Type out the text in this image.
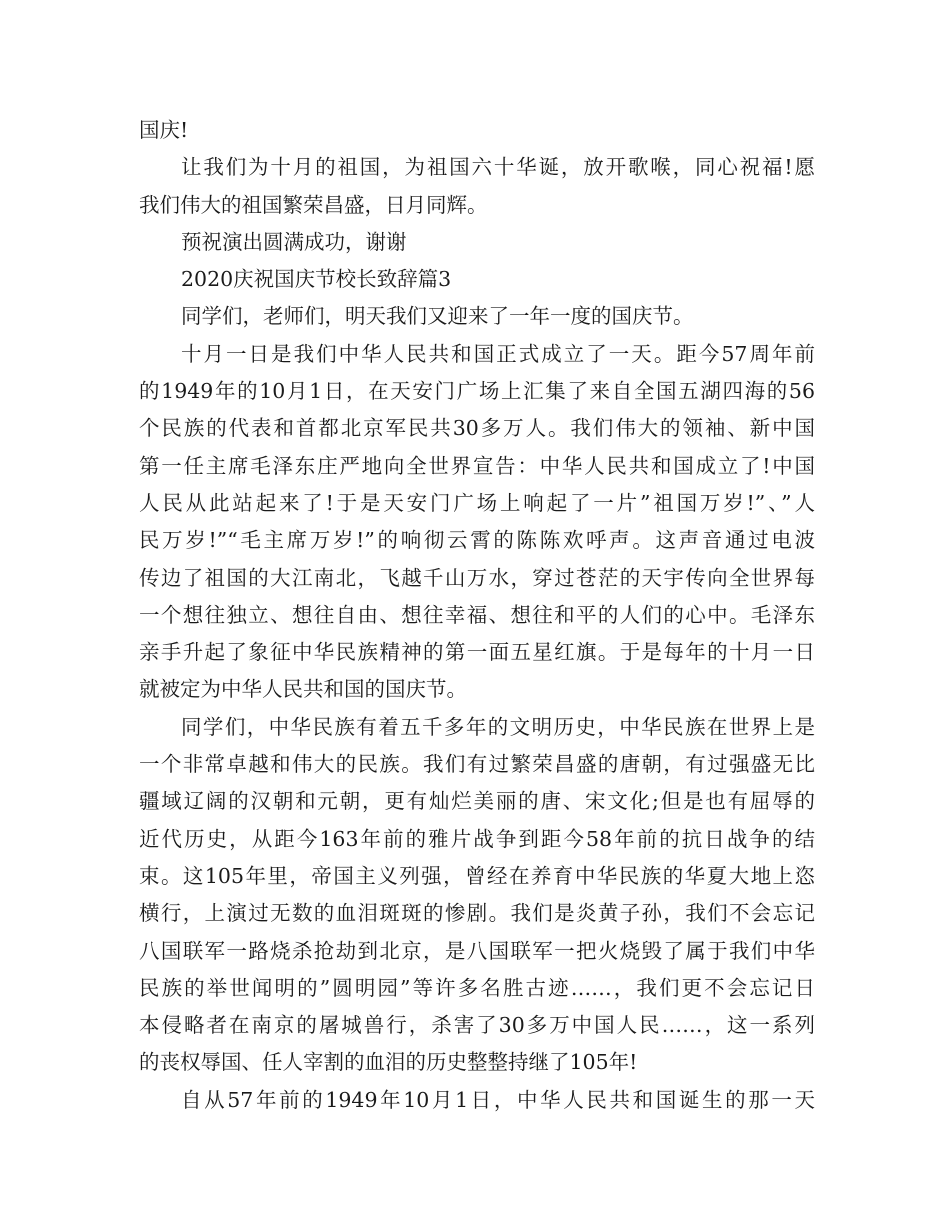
国庆!
让我们为十月的祖国，为祖国六十华诞，放开歌喉，同心祝福!愿
我们伟大的祖国繁荣昌盛，日月同辉。
预祝演出圆满成功，谢谢
2020庆祝国庆节校长致辞篇3
同学们，老师们，明天我们又迎来了一年一度的国庆节。
十月一日是我们中华人民共和国正式成立了一天。距今57周年前
的1949年的10月1日，在天安门广场上汇集了来自全国五湖四海的56
个民族的代表和首都北京军民共30多万人。我们伟大的领袖、新中国
第一任主席毛泽东庄严地向全世界宣告：中华人民共和国成立了!中国
人民从此站起来了!于是天安门广场上响起了一片”祖国万岁!”、”人
民万岁!”“毛主席万岁!”的响彻云霄的陈陈欢呼声。这声音通过电波
传边了祖国的大江南北，飞越千山万水，穿过苍茫的天宇传向全世界每
一个想往独立、想往自由、想往幸福、想往和平的人们的心中。毛泽东
亲手升起了象征中华民族精神的第一面五星红旗。于是每年的十月一日
就被定为中华人民共和国的国庆节。
同学们，中华民族有着五千多年的文明历史，中华民族在世界上是
一个非常卓越和伟大的民族。我们有过繁荣昌盛的唐朝，有过强盛无比
疆域辽阔的汉朝和元朝，更有灿烂美丽的唐、宋文化;但是也有屈辱的
近代历史，从距今163年前的雅片战争到距今58年前的抗日战争的结
束。这105年里，帝国主义列强，曾经在养育中华民族的华夏大地上恣
横行，上演过无数的血泪斑斑的惨剧。我们是炎黄子孙，我们不会忘记
八国联军一路烧杀抢劫到北京，是八国联军一把火烧毁了属于我们中华
民族的举世闻明的”圆明园”等许多名胜古迹……，我们更不会忘记日
本侵略者在南京的屠城兽行，杀害了30多万中国人民……，这一系列
的丧权辱国、任人宰割的血泪的历史整整持继了105年!
自从57年前的1949年10月1日，中华人民共和国诞生的那一天
